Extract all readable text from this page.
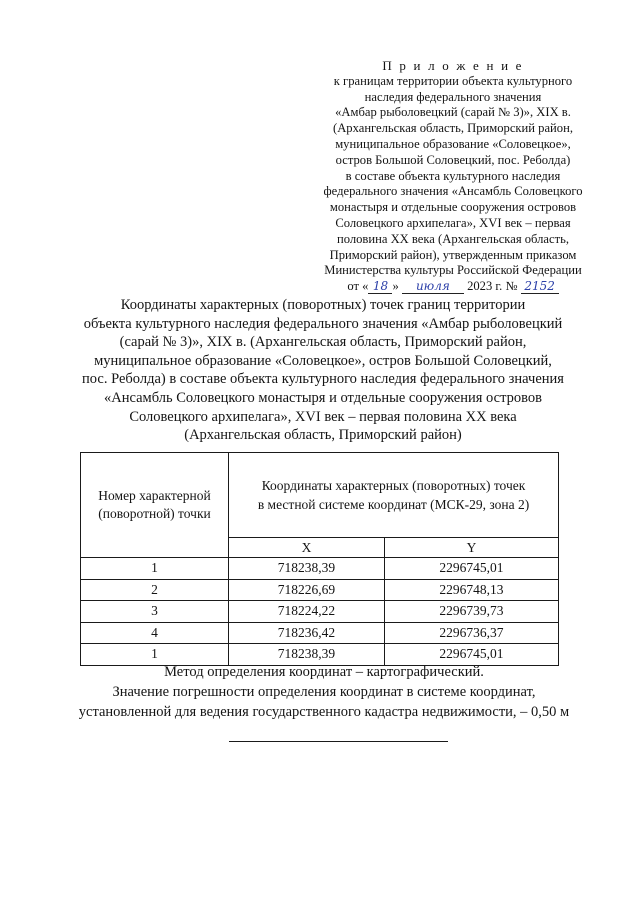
П р и л о ж е н и е
к границам территории объекта культурного
наследия федерального значения
«Амбар рыболовецкий (сарай № 3)», XIX в.
(Архангельская область, Приморский район,
муниципальное образование «Соловецкое»,
остров Большой Соловецкий, пос. Реболда)
в составе объекта культурного наследия
федерального значения «Ансамбль Соловецкого
монастыря и отдельные сооружения островов
Соловецкого архипелага», XVI век – первая
половина XX века (Архангельская область,
Приморский район), утвержденным приказом
Министерства культуры Российской Федерации
от « 18 » июля 2023 г. № 2152
Координаты характерных (поворотных) точек границ территории
объекта культурного наследия федерального значения «Амбар рыболовецкий
(сарай № 3)», XIX в. (Архангельская область, Приморский район,
муниципальное образование «Соловецкое», остров Большой Соловецкий,
пос. Реболда) в составе объекта культурного наследия федерального значения
«Ансамбль Соловецкого монастыря и отдельные сооружения островов
Соловецкого архипелага», XVI век – первая половина XX века
(Архангельская область, Приморский район)
Номер характерной
(поворотной) точки	Координаты характерных (поворотных) точек
в местной системе координат (МСК-29, зона 2)	
	X	Y
1	718238,39	2296745,01
2	718226,69	2296748,13
3	718224,22	2296739,73
4	718236,42	2296736,37
1	718238,39	2296745,01
Метод определения координат – картографический.
Значение погрешности определения координат в системе координат,
установленной для ведения государственного кадастра недвижимости, – 0,50 м
